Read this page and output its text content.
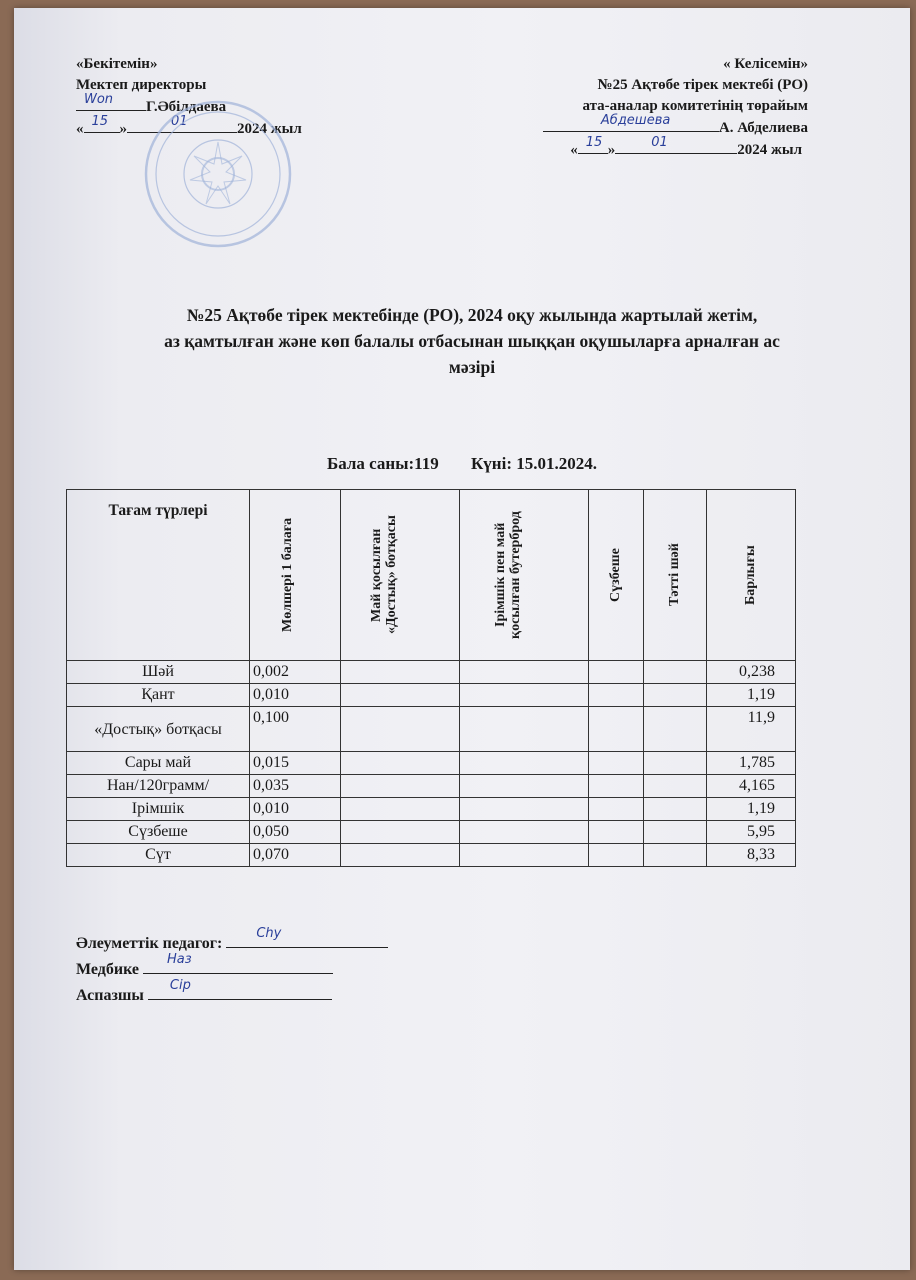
«Бекітемін»
Мектеп директоры
Won Г.Әбілдаева
« 15 »	01	2024 жыл
« Келісемін»
№25 Ақтөбе тірек мектебі (РО)
ата-аналар комитетінің төрайым
Абдешева	А. Абделиева
« 15 »	01	2024 жыл
№25 Ақтөбе тірек мектебінде (РО), 2024 оқу жылында жартылай жетім,
аз қамтылған және көп балалы отбасынан шыққан оқушыларға арналған ас
мәзірі
Бала саны:119 Күні: 15.01.2024.
Тағам түрлері	Мөлшері 1 балаға	Май қосылған «Достық» ботқасы	Ірімшік пен май қосылған бутерброд	Сүзбеше	Тәтті шәй	Барлығы

Шәй	0,002					0,238
Қант	0,010					1,19
«Достық» ботқасы	0,100					11,9
Сары май	0,015					1,785
Нан/120грамм/	0,035					4,165
Ірімшік	0,010					1,19
Сүзбеше	0,050					5,95
Сүт	0,070					8,33
Әлеуметтік педагог:
Chy
Медбике
Наз
Аспазшы
Сір
